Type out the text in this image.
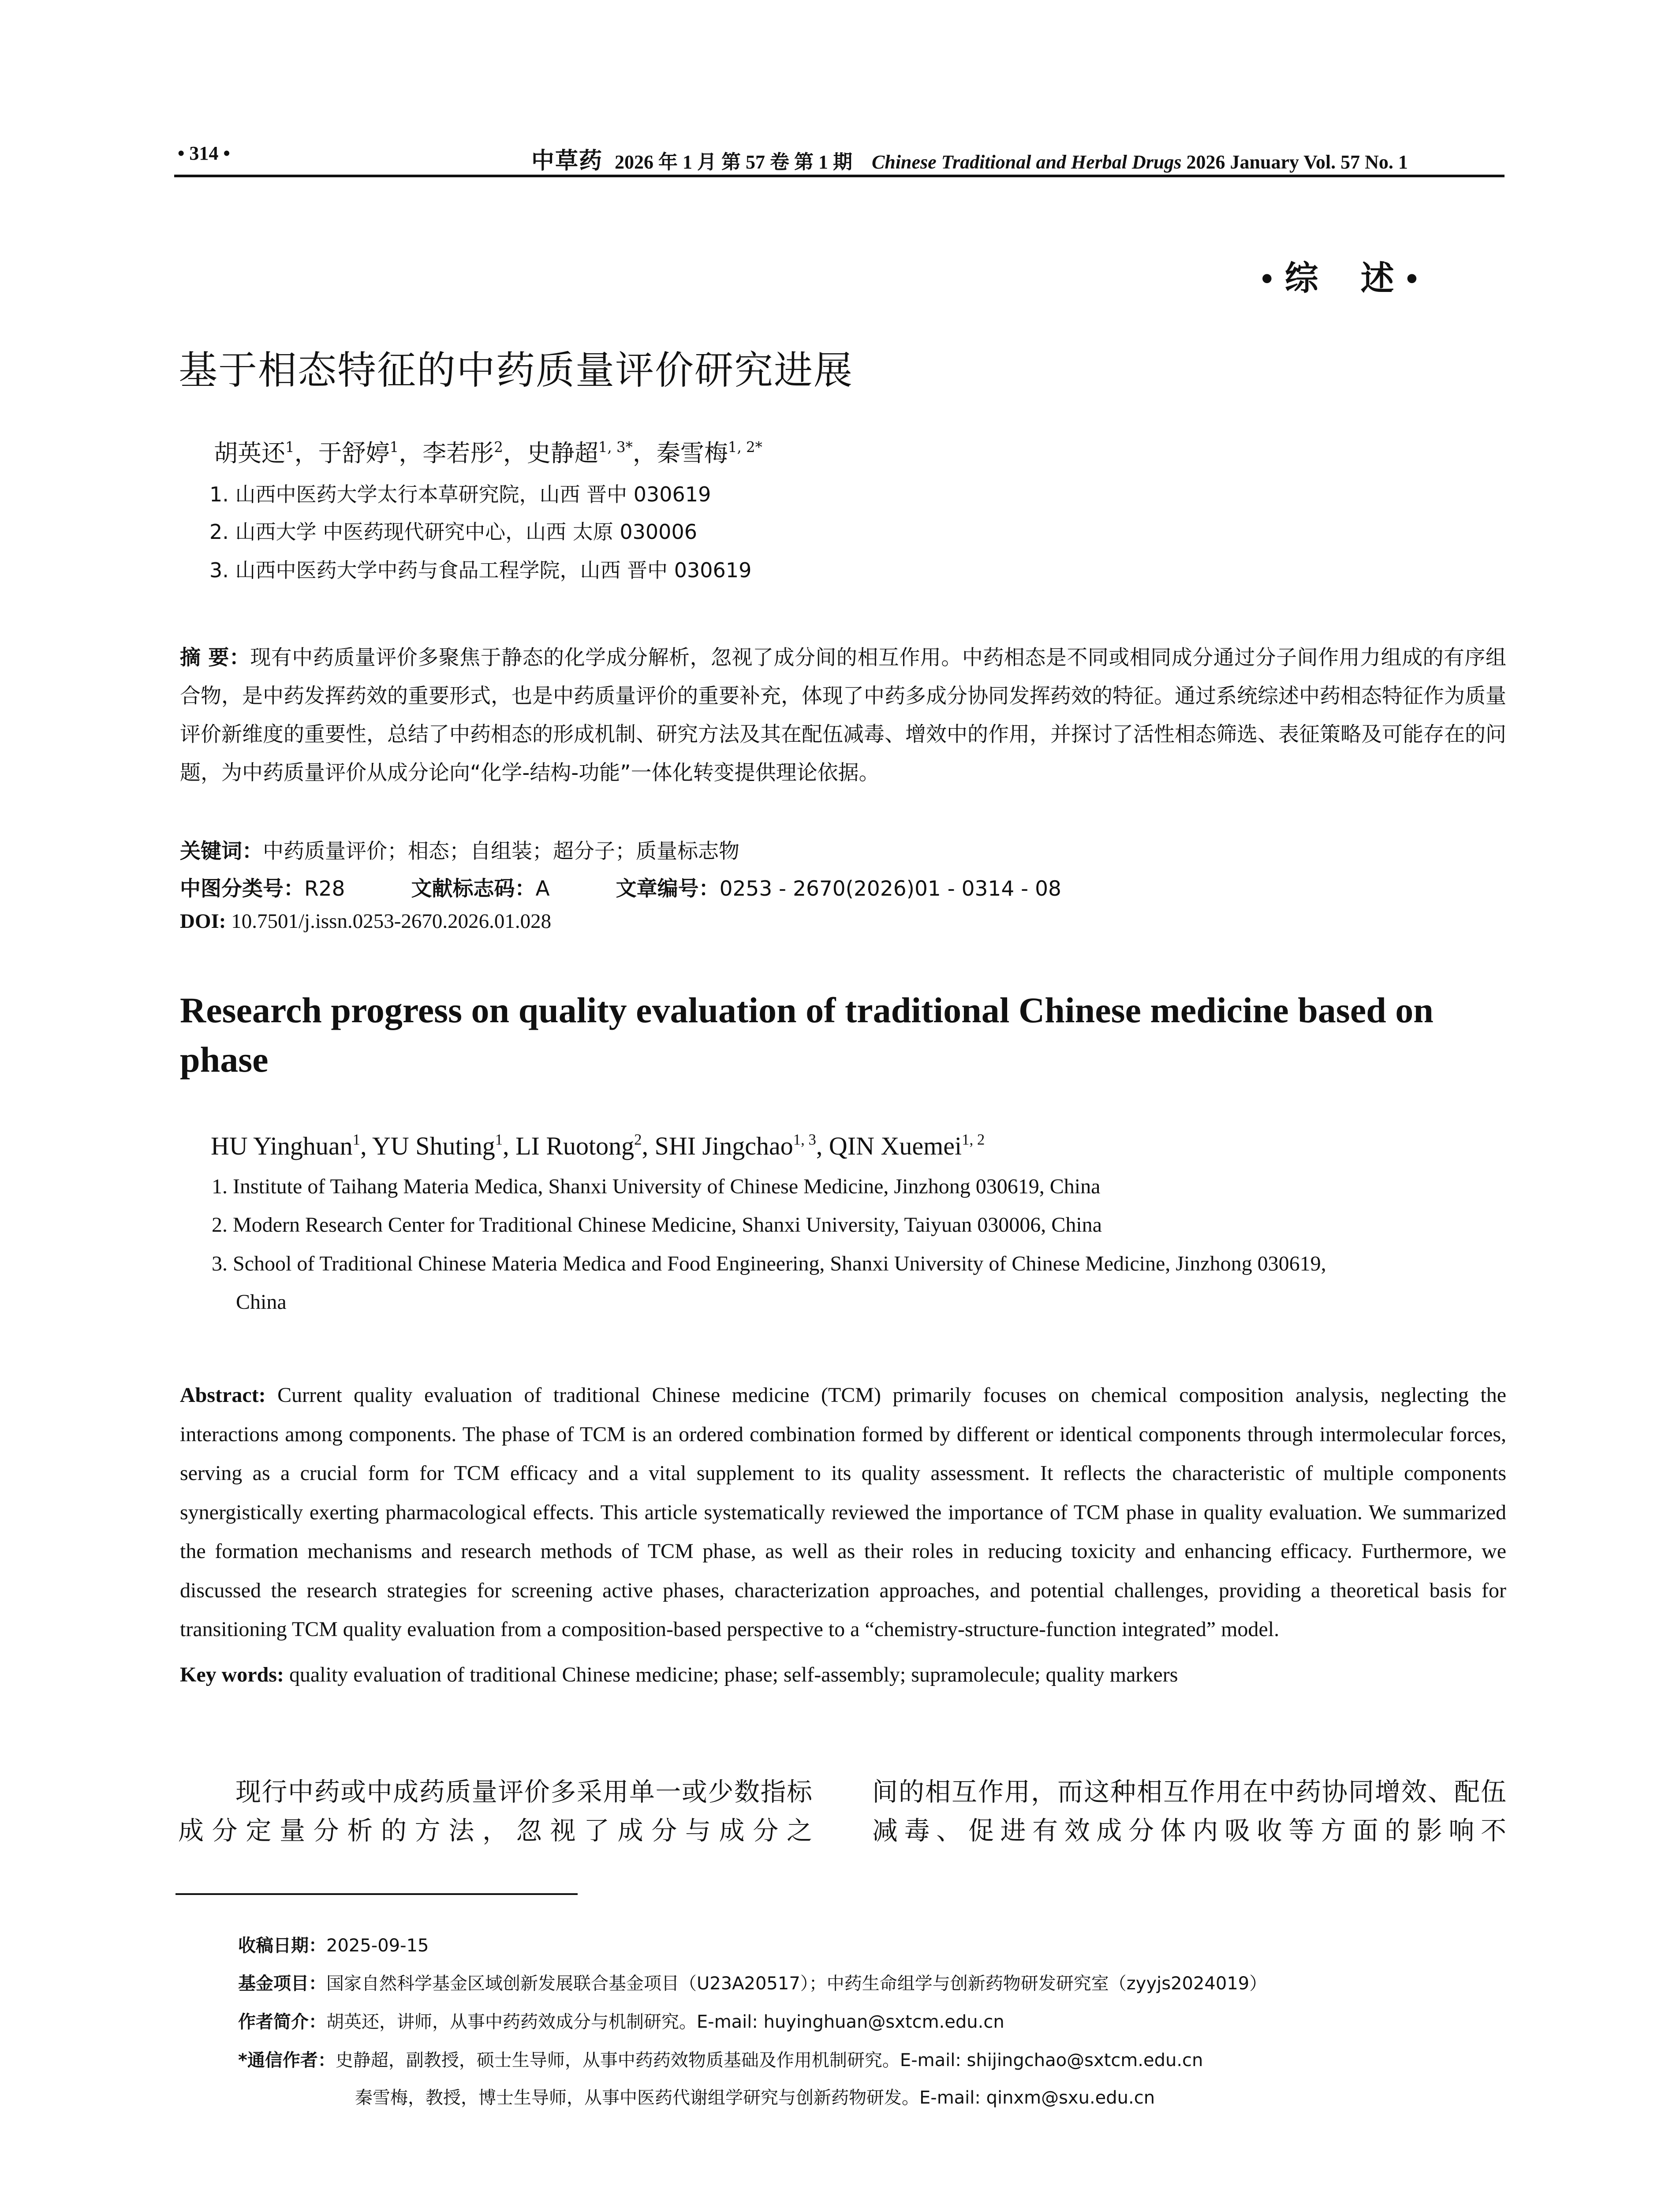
• 314 •	中草药 2026 年 1 月 第 57 卷 第 1 期 Chinese Traditional and Herbal Drugs 2026 January Vol. 57 No. 1
• 综    述 •
基于相态特征的中药质量评价研究进展
胡英还$^1$，于舒婷$^1$，李若彤$^2$，史静超$^{1, 3*}$，秦雪梅$^{1, 2*}$
1. 山西中医药大学太行本草研究院，山西 晋中 030619
2. 山西大学 中医药现代研究中心，山西 太原 030006
3. 山西中医药大学中药与食品工程学院，山西 晋中 030619
摘 要：现有中药质量评价多聚焦于静态的化学成分解析，忽视了成分间的相互作用。中药相态是不同或相同成分通过分子间作用力组成的有序组合物，是中药发挥药效的重要形式，也是中药质量评价的重要补充，体现了中药多成分协同发挥药效的特征。通过系统综述中药相态特征作为质量评价新维度的重要性，总结了中药相态的形成机制、研究方法及其在配伍减毒、增效中的作用，并探讨了活性相态筛选、表征策略及可能存在的问题，为中药质量评价从成分论向“化学-结构-功能”一体化转变提供理论依据。
关键词：中药质量评价；相态；自组装；超分子；质量标志物
中图分类号：R28	文献标志码：A	文章编号：0253 - 2670(2026)01 - 0314 - 08
DOI: 10.7501/j.issn.0253-2670.2026.01.028
Research progress on quality evaluation of traditional Chinese medicine based on phase
HU Yinghuan$^1$, YU Shuting$^1$, LI Ruotong$^2$, SHI Jingchao$^{1, 3}$, QIN Xuemei$^{1, 2}$
1. Institute of Taihang Materia Medica, Shanxi University of Chinese Medicine, Jinzhong 030619, China
2. Modern Research Center for Traditional Chinese Medicine, Shanxi University, Taiyuan 030006, China
3. School of Traditional Chinese Materia Medica and Food Engineering, Shanxi University of Chinese Medicine, Jinzhong 030619,
China
Abstract: Current quality evaluation of traditional Chinese medicine (TCM) primarily focuses on chemical composition analysis, neglecting the interactions among components. The phase of TCM is an ordered combination formed by different or identical components through intermolecular forces, serving as a crucial form for TCM efficacy and a vital supplement to its quality assessment. It reflects the characteristic of multiple components synergistically exerting pharmacological effects. This article systematically reviewed the importance of TCM phase in quality evaluation. We summarized the formation mechanisms and research methods of TCM phase, as well as their roles in reducing toxicity and enhancing efficacy. Furthermore, we discussed the research strategies for screening active phases, characterization approaches, and potential challenges, providing a theoretical basis for transitioning TCM quality evaluation from a composition-based perspective to a “chemistry-structure-function integrated” model.
Key words: quality evaluation of traditional Chinese medicine; phase; self-assembly; supramolecule; quality markers
现行中药或中成药质量评价多采用单一或少数指标成分定量分析的方法，忽视了成分与成分之
间的相互作用，而这种相互作用在中药协同增效、配伍减毒、促进有效成分体内吸收等方面的影响不
收稿日期：2025-09-15
基金项目：国家自然科学基金区域创新发展联合基金项目（U23A20517）；中药生命组学与创新药物研发研究室（zyyjs2024019）
作者简介：胡英还，讲师，从事中药药效成分与机制研究。E-mail: huyinghuan@sxtcm.edu.cn
*通信作者：史静超，副教授，硕士生导师，从事中药药效物质基础及作用机制研究。E-mail: shijingchao@sxtcm.edu.cn
秦雪梅，教授，博士生导师，从事中医药代谢组学研究与创新药物研发。E-mail: qinxm@sxu.edu.cn
